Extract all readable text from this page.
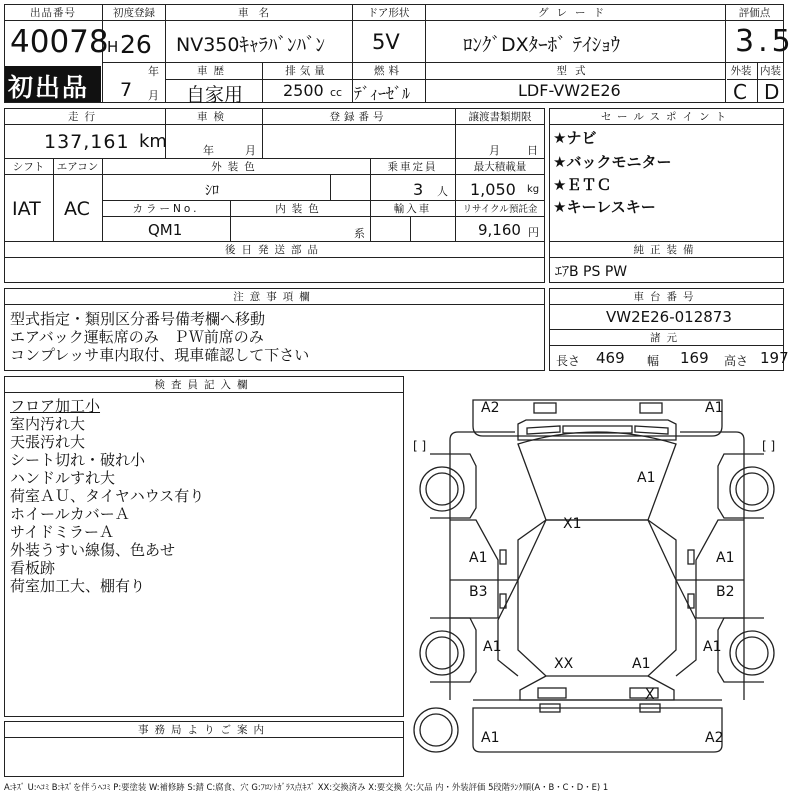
出品番号
40078
初出品
初度登録
H 26
年
7 月
車名
NV350ｷｬﾗﾊﾞﾝﾊﾞﾝ
ドア形状
5V
グレード
ﾛﾝｸﾞDXﾀｰﾎﾞ ﾃｲｼｮｳ
評価点
3.5
車歴
自家用
排気量
2500 cc
燃料
ﾃﾞｨｰｾﾞﾙ
型式
LDF-VW2E26
外装 内装
C D
走行
137,161 km
車検
年	月
登録番号	譲渡書類期限
月 日
シフト
IAT
エアコン
AC
外装色
ｼﾛ
乗車定員
3 人
最大積載量
1,050 kg
カラーNo.
QM1
内装色
系
輸入車	リサイクル預託金
9,160 円
後日発送部品
セールスポイント
★ナビ
★バックモニター
★ＥＴＣ
★キーレスキー
純正装備
ｴｱB PS PW
注意事項欄
型式指定・類別区分番号備考欄へ移動
エアバック運転席のみ　ＰＷ前席のみ
コンプレッサ車内取付、現車確認して下さい
車台番号
VW2E26-012873
諸元
長さ 469 幅 169 高さ 197
検査員記入欄
フロア加工小
室内汚れ大
天張汚れ大
シート切れ・破れ小
ハンドルすれ大
荷室ＡＵ、タイヤハウス有り
ホイールカバーＡ
サイドミラーＡ
外装うすい線傷、色あせ
看板跡
荷室加工大、棚有り
事務局よりご案内
A2	A1
[ ]	[ ]
A1
X1
A1	A1
B3	B2
A1	A1
XX	A1
X
A1	A2
A:ｷｽﾞ U:ﾍｺﾐ B:ｷｽﾞを伴うﾍｺﾐ P:要塗装 W:補修跡 S:錆 C:腐食、穴 G:ﾌﾛﾝﾄｶﾞﾗｽ点ｷｽﾞ XX:交換済み X:要交換 欠:欠品 内・外装評価 5段階ﾗﾝｸ順(A・B・C・D・E) 1
